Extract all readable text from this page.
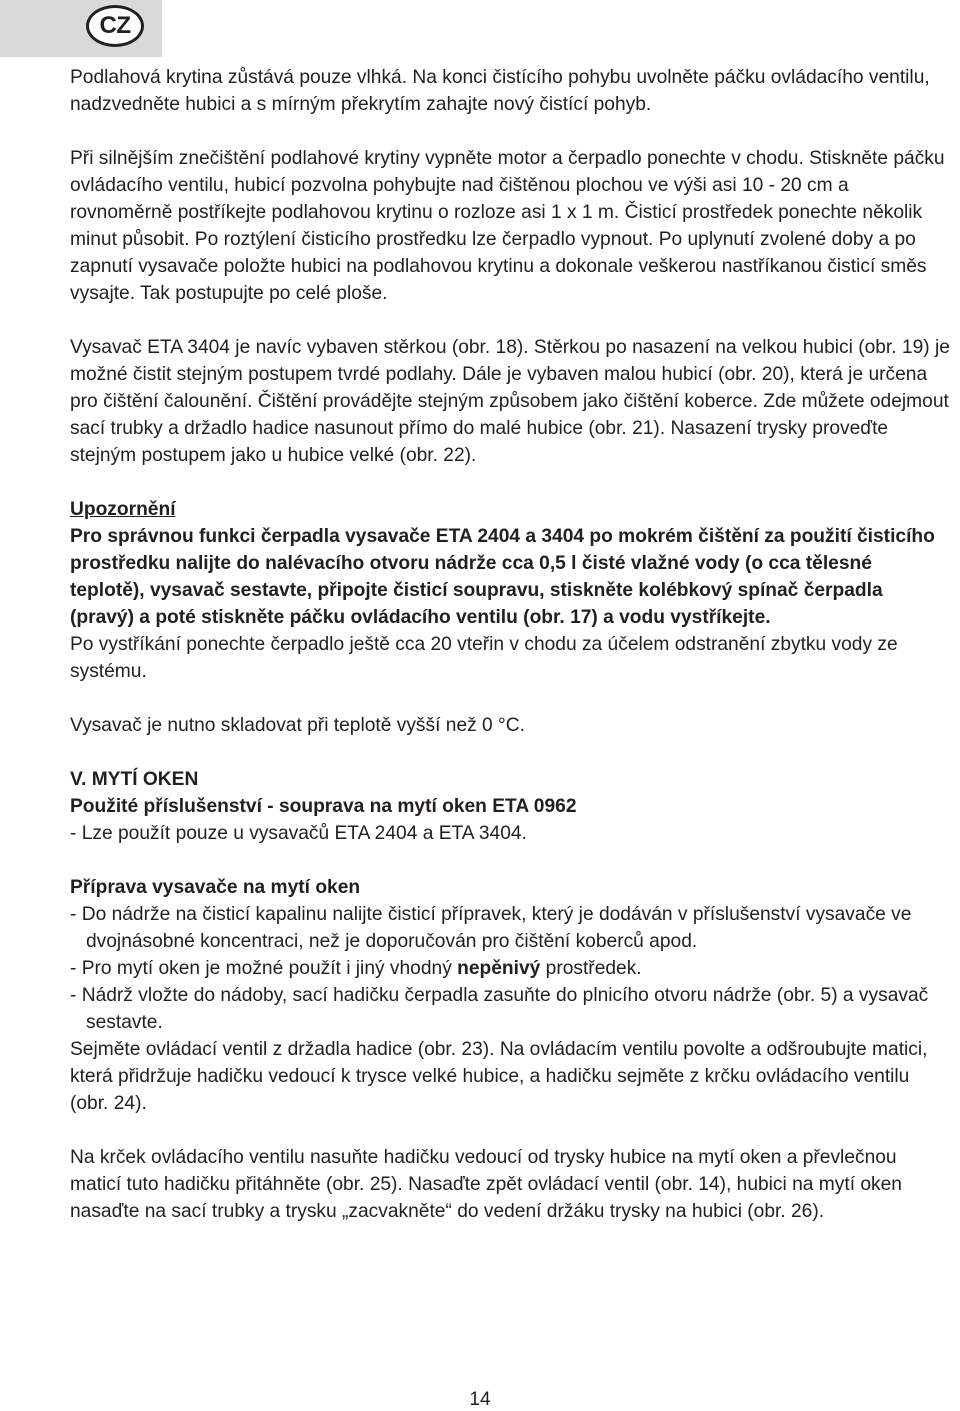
CZ

Podlahová krytina zůstává pouze vlhká. Na konci čistícího pohybu uvolněte páčku ovládacího ventilu, nadzvedněte hubici a s mírným překrytím zahajte nový čistící pohyb.

Při silnějším znečištění podlahové krytiny vypněte motor a čerpadlo ponechte v chodu. Stiskněte páčku ovládacího ventilu, hubicí pozvolna pohybujte nad čištěnou plochou ve výši asi 10 - 20 cm a rovnoměrně postříkejte podlahovou krytinu o rozloze asi 1 x 1 m. Čisticí prostředek ponechte několik minut působit. Po roztýlení čisticího prostředku lze čerpadlo vypnout. Po uplynutí zvolené doby a po zapnutí vysavače položte hubici na podlahovou krytinu a dokonale veškerou nastříkanou čisticí směs vysajte. Tak postupujte po celé ploše.

Vysavač ETA 3404 je navíc vybaven stěrkou (obr. 18). Stěrkou po nasazení na velkou hubici (obr. 19) je možné čistit stejným postupem tvrdé podlahy. Dále je vybaven malou hubicí (obr. 20), která je určena pro čištění čalounění. Čištění provádějte stejným způsobem jako čištění koberce. Zde můžete odejmout sací trubky a držadlo hadice nasunout přímo do malé hubice (obr. 21). Nasazení trysky proveďte stejným postupem jako u hubice velké (obr. 22).

Upozornění

Pro správnou funkci čerpadla vysavače ETA 2404 a 3404 po mokrém čištění za použití čisticího prostředku nalijte do nalévacího otvoru nádrže cca 0,5 l čisté vlažné vody (o cca tělesné teplotě), vysavač sestavte, připojte čisticí soupravu, stiskněte kolébkový spínač čerpadla (pravý) a poté stiskněte páčku ovládacího ventilu (obr. 17) a vodu vystříkejte.

Po vystříkání ponechte čerpadlo ještě cca 20 vteřin v chodu za účelem odstranění zbytku vody ze systému.

Vysavač je nutno skladovat při teplotě vyšší než 0 °C.

V. MYTÍ OKEN

Použité příslušenství - souprava na mytí oken ETA 0962

- Lze použít pouze u vysavačů ETA 2404 a ETA 3404.

Příprava vysavače na mytí oken

- Do nádrže na čisticí kapalinu nalijte čisticí přípravek, který je dodáván v příslušenství vysavače ve dvojnásobné koncentraci, než je doporučován pro čištění koberců apod.

- Pro mytí oken je možné použít i jiný vhodný nepěnivý prostředek.

- Nádrž vložte do nádoby, sací hadičku čerpadla zasuňte do plnicího otvoru nádrže (obr. 5) a vysavač sestavte.

Sejměte ovládací ventil z držadla hadice (obr. 23). Na ovládacím ventilu povolte a odšroubujte matici, která přidržuje hadičku vedoucí k trysce velké hubice, a hadičku sejměte z krčku ovládacího ventilu (obr. 24).

Na krček ovládacího ventilu nasuňte hadičku vedoucí od trysky hubice na mytí oken a převlečnou maticí tuto hadičku přitáhněte (obr. 25). Nasaďte zpět ovládací ventil (obr. 14), hubici na mytí oken nasaďte na sací trubky a trysku „zacvakněte“ do vedení držáku trysky na hubici (obr. 26).

14
